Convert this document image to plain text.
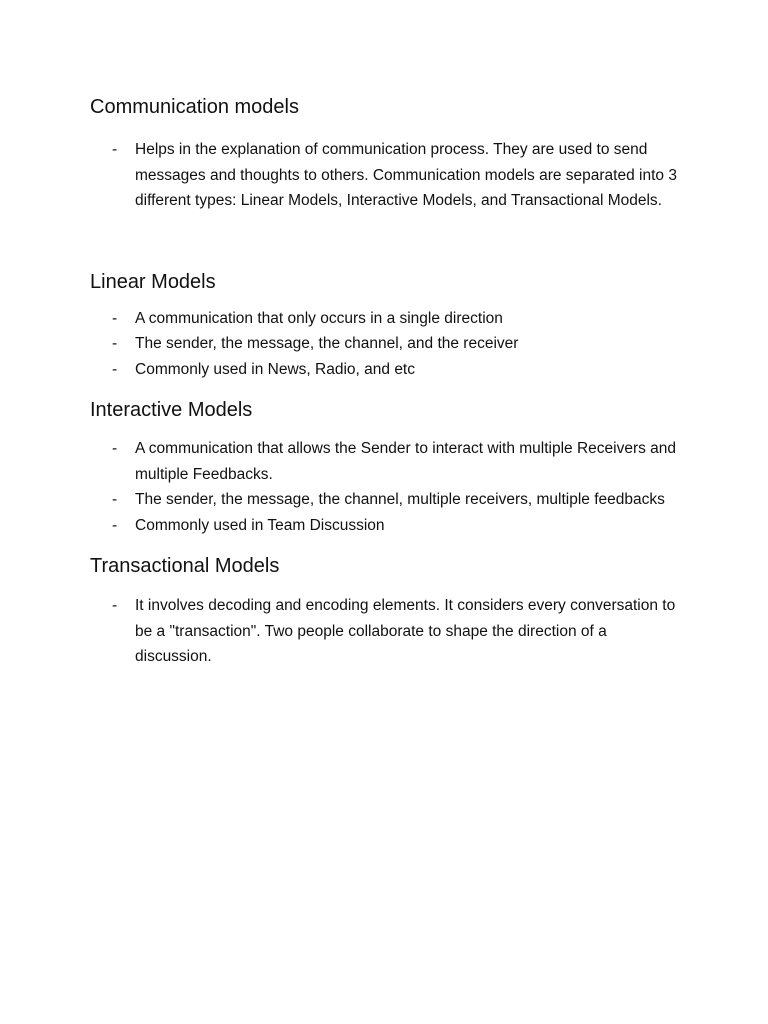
Communication models
- Helps in the explanation of communication process. They are used to send messages and thoughts to others. Communication models are separated into 3 different types: Linear Models, Interactive Models, and Transactional Models.
Linear Models
- A communication that only occurs in a single direction
- The sender, the message, the channel, and the receiver
- Commonly used in News, Radio, and etc
Interactive Models
- A communication that allows the Sender to interact with multiple Receivers and multiple Feedbacks.
- The sender, the message, the channel, multiple receivers, multiple feedbacks
- Commonly used in Team Discussion
Transactional Models
- It involves decoding and encoding elements. It considers every conversation to be a "transaction". Two people collaborate to shape the direction of a discussion.
